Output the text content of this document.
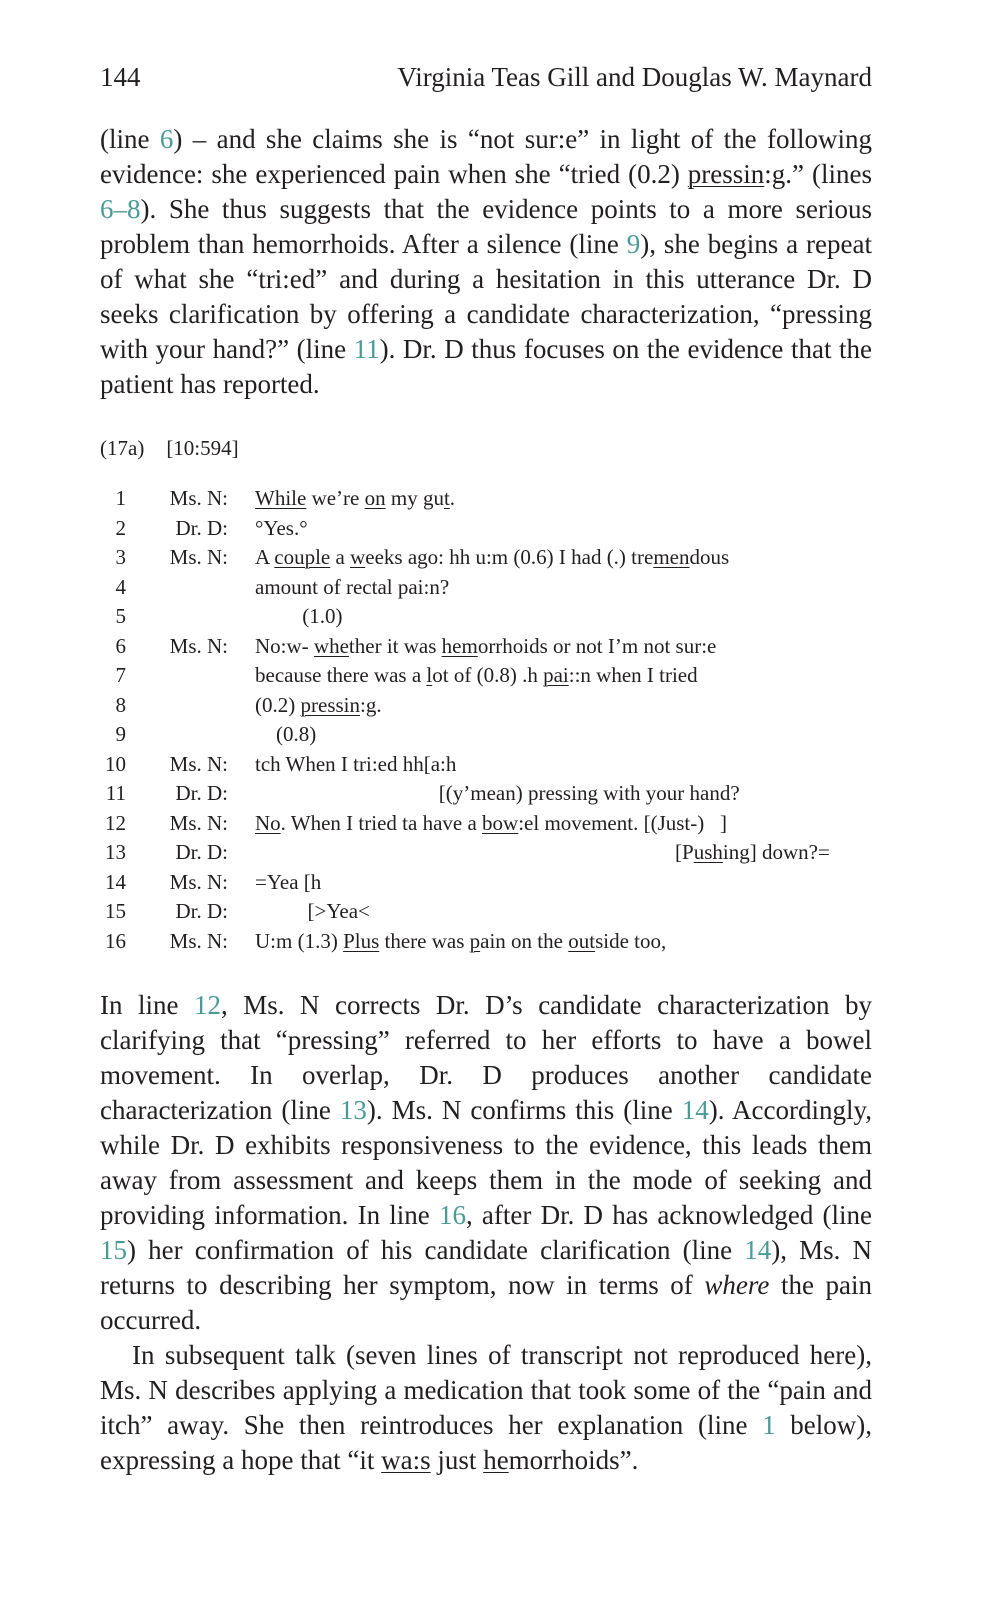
144	Virginia Teas Gill and Douglas W. Maynard

(line 6) – and she claims she is “not sur:e” in light of the following evidence: she experienced pain when she “tried (0.2) pressin:g.” (lines 6–8). She thus suggests that the evidence points to a more serious problem than hemorrhoids. After a silence (line 9), she begins a repeat of what she “tri:ed” and during a hesitation in this utterance Dr. D seeks clarification by offering a candidate characterization, “pressing with your hand?” (line 11). Dr. D thus focuses on the evidence that the patient has reported.

(17a) [10:594]
1	Ms. N: While we’re on my gut.
2	Dr. D: °Yes.°
3	Ms. N: A couple a weeks ago: hh u:m (0.6) I had (.) tremendous
4	amount of rectal pai:n?
5	(1.0)
6	Ms. N: No:w- whether it was hemorrhoids or not I’m not sur:e
7	because there was a lot of (0.8) .h pai::n when I tried
8	(0.2) pressin:g.
9	(0.8)
10	Ms. N: tch When I tri:ed hh[a:h
11	Dr. D: [(y’mean) pressing with your hand?
12	Ms. N: No. When I tried ta have a bow:el movement. [(Just-)   ]
13	Dr. D: [Pushing] down?=
14	Ms. N: =Yea [h
15	Dr. D: [>Yea<
16	Ms. N: U:m (1.3) Plus there was pain on the outside too,

In line 12, Ms. N corrects Dr. D’s candidate characterization by clarifying that “pressing” referred to her efforts to have a bowel movement. In overlap, Dr. D produces another candidate characterization (line 13). Ms. N confirms this (line 14). Accordingly, while Dr. D exhibits responsiveness to the evidence, this leads them away from assessment and keeps them in the mode of seeking and providing information. In line 16, after Dr. D has acknowledged (line 15) her confirmation of his candidate clarification (line 14), Ms. N returns to describing her symptom, now in terms of where the pain occurred.

In subsequent talk (seven lines of transcript not reproduced here), Ms. N describes applying a medication that took some of the “pain and itch” away. She then reintroduces her explanation (line 1 below), expressing a hope that “it wa:s just hemorrhoids”.
